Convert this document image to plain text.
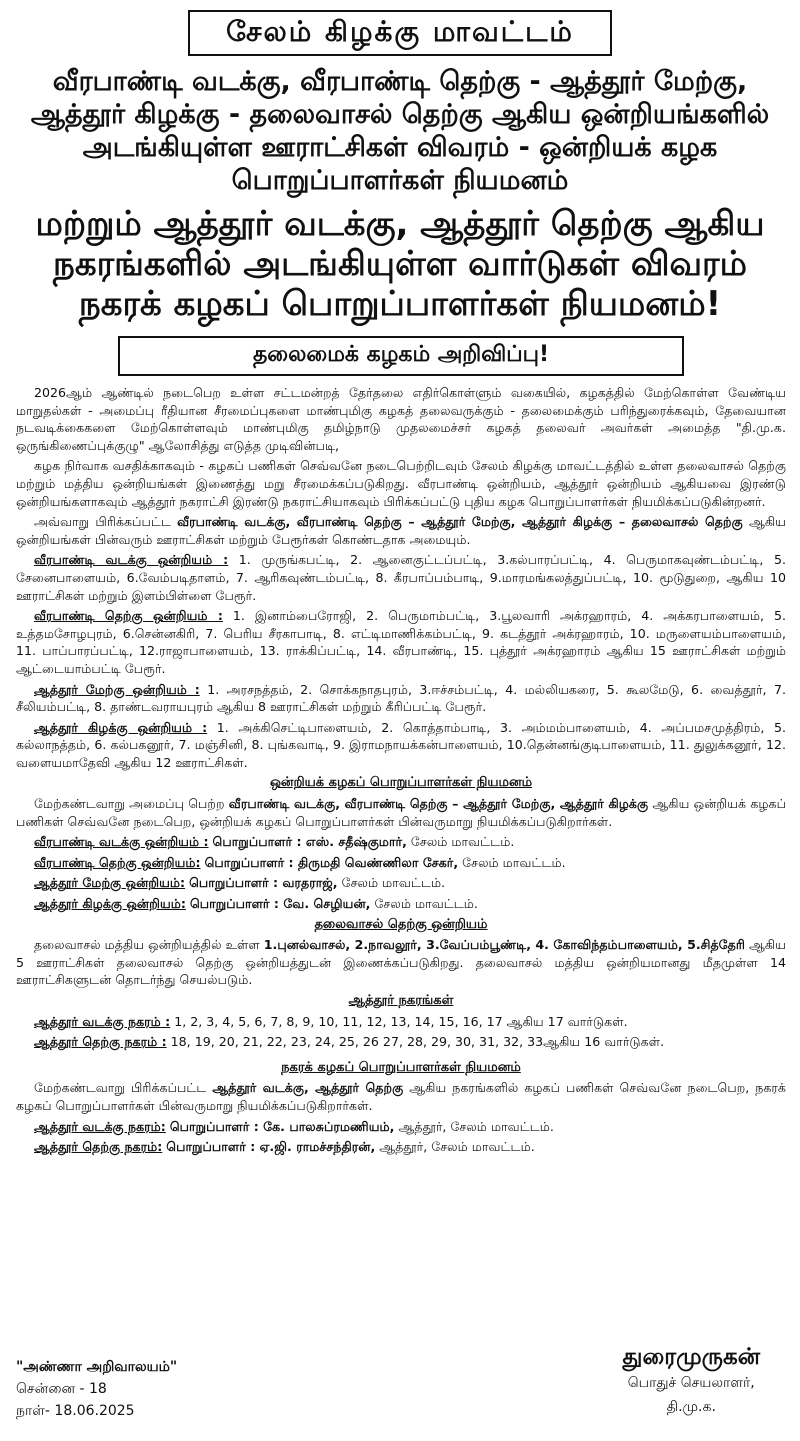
சேலம் கிழக்கு மாவட்டம்
வீரபாண்டி வடக்கு, வீரபாண்டி தெற்கு - ஆத்தூர் மேற்கு, ஆத்தூர் கிழக்கு - தலைவாசல் தெற்கு ஆகிய ஒன்றியங்களில் அடங்கியுள்ள ஊராட்சிகள் விவரம் - ஒன்றியக் கழக பொறுப்பாளர்கள் நியமனம்
மற்றும் ஆத்தூர் வடக்கு, ஆத்தூர் தெற்கு ஆகிய நகரங்களில் அடங்கியுள்ள வார்டுகள் விவரம் நகரக் கழகப் பொறுப்பாளர்கள் நியமனம்!
தலைமைக் கழகம் அறிவிப்பு!

2026ஆம் ஆண்டில் நடைபெற உள்ள சட்டமன்றத் தேர்தலை எதிர்கொள்ளும் வகையில், கழகத்தில் மேற்கொள்ள வேண்டிய மாறுதல்கள் - அமைப்பு ரீதியான சீரமைப்புகளை மாண்புமிகு கழகத் தலைவருக்கும் - தலைமைக்கும் பரிந்துரைக்கவும், தேவையான நடவடிக்கைகளை மேற்கொள்ளவும் மாண்புமிகு தமிழ்நாடு முதலமைச்சர் கழகத் தலைவர் அவர்கள் அமைத்த "தி.மு.க. ஒருங்கிணைப்புக்குழு" ஆலோசித்து எடுத்த முடிவின்படி,

கழக நிர்வாக வசதிக்காகவும் - கழகப் பணிகள் செவ்வனே நடைபெற்றிடவும் சேலம் கிழக்கு மாவட்டத்தில் உள்ள தலைவாசல் தெற்கு மற்றும் மத்திய ஒன்றியங்கள் இணைத்து மறு சீரமைக்கப்படுகிறது. வீரபாண்டி ஒன்றியம், ஆத்தூர் ஒன்றியம் ஆகியவை இரண்டு ஒன்றியங்களாகவும் ஆத்தூர் நகராட்சி இரண்டு நகராட்சியாகவும் பிரிக்கப்பட்டு புதிய கழக பொறுப்பாளர்கள் நியமிக்கப்படுகின்றனர்.

அவ்வாறு பிரிக்கப்பட்ட வீரபாண்டி வடக்கு, வீரபாண்டி தெற்கு – ஆத்தூர் மேற்கு, ஆத்தூர் கிழக்கு – தலைவாசல் தெற்கு ஆகிய ஒன்றியங்கள் பின்வரும் ஊராட்சிகள் மற்றும் பேரூர்கள் கொண்டதாக அமையும்.

வீரபாண்டி வடக்கு ஒன்றியம் : 1. முருங்கபட்டி, 2. ஆனைகுட்டப்பட்டி, 3.கல்பாரப்பட்டி, 4. பெருமாகவுண்டம்பட்டி, 5. சேனைபாளையம், 6.வேம்படிதாளம், 7. ஆரிகவுண்டம்பட்டி, 8. கீரபாப்பம்பாடி, 9.மாரமங்கலத்துப்பட்டி, 10. மூடுதுறை, ஆகிய 10 ஊராட்சிகள் மற்றும் இளம்பிள்ளை பேரூர்.

வீரபாண்டி தெற்கு ஒன்றியம் : 1. இனாம்பைரோஜி, 2. பெருமாம்பட்டி, 3.பூலவாரி அக்ரஹாரம், 4. அக்கரபாளையம், 5. உத்தமசோழபுரம், 6.சென்னகிரி, 7. பெரிய சீரகாபாடி, 8. எட்டிமாணிக்கம்பட்டி, 9. கடத்தூர் அக்ரஹாரம், 10. மருளையம்பாளையம், 11. பாப்பாரப்பட்டி, 12.ராஜாபாளையம், 13. ராக்கிப்பட்டி, 14. வீரபாண்டி, 15. புத்தூர் அக்ரஹாரம் ஆகிய 15 ஊராட்சிகள் மற்றும் ஆட்டையாம்பட்டி பேரூர்.

ஆத்தூர் மேற்கு ஒன்றியம் : 1. அரசநத்தம், 2. சொக்கநாதபுரம், 3.ஈச்சம்பட்டி, 4. மல்லியகரை, 5. கூலமேடு, 6. வைத்தூர், 7. சீலியம்பட்டி, 8. தாண்டவராயபுரம் ஆகிய 8 ஊராட்சிகள் மற்றும் கீரிப்பட்டி பேரூர்.

ஆத்தூர் கிழக்கு ஒன்றியம் : 1. அக்கிசெட்டிபாளையம், 2. கொத்தாம்பாடி, 3. அம்மம்பாளையம், 4. அப்பமசமுத்திரம், 5. கல்லாநத்தம், 6. கல்பகனூர், 7. மஞ்சினி, 8. புங்கவாடி, 9. இராமநாயக்கன்பாளையம், 10.தென்னங்குடிபாளையம், 11. துலுக்கனூர், 12. வளையமாதேவி ஆகிய 12 ஊராட்சிகள்.

ஒன்றியக் கழகப் பொறுப்பாளர்கள் நியமனம்

மேற்கண்டவாறு அமைப்பு பெற்ற வீரபாண்டி வடக்கு, வீரபாண்டி தெற்கு – ஆத்தூர் மேற்கு, ஆத்தூர் கிழக்கு ஆகிய ஒன்றியக் கழகப் பணிகள் செவ்வனே நடைபெற, ஒன்றியக் கழகப் பொறுப்பாளர்கள் பின்வருமாறு நியமிக்கப்படுகிறார்கள்.

வீரபாண்டி வடக்கு ஒன்றியம் : பொறுப்பாளர் : எஸ். சதீஷ்குமார், சேலம் மாவட்டம்.

வீரபாண்டி தெற்கு ஒன்றியம்: பொறுப்பாளர் : திருமதி வெண்ணிலா சேகர், சேலம் மாவட்டம்.

ஆத்தூர் மேற்கு ஒன்றியம்: பொறுப்பாளர் : வரதராஜ், சேலம் மாவட்டம்.

ஆத்தூர் கிழக்கு ஒன்றியம்: பொறுப்பாளர் : வே. செழியன், சேலம் மாவட்டம்.

தலைவாசல் தெற்கு ஒன்றியம்

தலைவாசல் மத்திய ஒன்றியத்தில் உள்ள 1.புனல்வாசல், 2.நாவலூர், 3.வேப்பம்பூண்டி, 4. கோவிந்தம்பாளையம், 5.சித்தேரி ஆகிய 5 ஊராட்சிகள் தலைவாசல் தெற்கு ஒன்றியத்துடன் இணைக்கப்படுகிறது. தலைவாசல் மத்திய ஒன்றியமானது மீதமுள்ள 14 ஊராட்சிகளுடன் தொடர்ந்து செயல்படும்.

ஆத்தூர் நகரங்கள்

ஆத்தூர் வடக்கு நகரம் : 1, 2, 3, 4, 5, 6, 7, 8, 9, 10, 11, 12, 13, 14, 15, 16, 17 ஆகிய 17 வார்டுகள்.

ஆத்தூர் தெற்கு நகரம் : 18, 19, 20, 21, 22, 23, 24, 25, 26 27, 28, 29, 30, 31, 32, 33ஆகிய 16 வார்டுகள்.

நகரக் கழகப் பொறுப்பாளர்கள் நியமனம்

மேற்கண்டவாறு பிரிக்கப்பட்ட ஆத்தூர் வடக்கு, ஆத்தூர் தெற்கு ஆகிய நகரங்களில் கழகப் பணிகள் செவ்வனே நடைபெற, நகரக் கழகப் பொறுப்பாளர்கள் பின்வருமாறு நியமிக்கப்படுகிறார்கள்.

ஆத்தூர் வடக்கு நகரம்: பொறுப்பாளர் : கே. பாலசுப்ரமணியம், ஆத்தூர், சேலம் மாவட்டம்.

ஆத்தூர் தெற்கு நகரம்: பொறுப்பாளர் : ஏ.ஜி. ராமச்சந்திரன், ஆத்தூர், சேலம் மாவட்டம்.

"அண்ணா அறிவாலயம்"
சென்னை - 18
நாள்- 18.06.2025
துரைமுருகன்
பொதுச் செயலாளர்,
தி.மு.க.
